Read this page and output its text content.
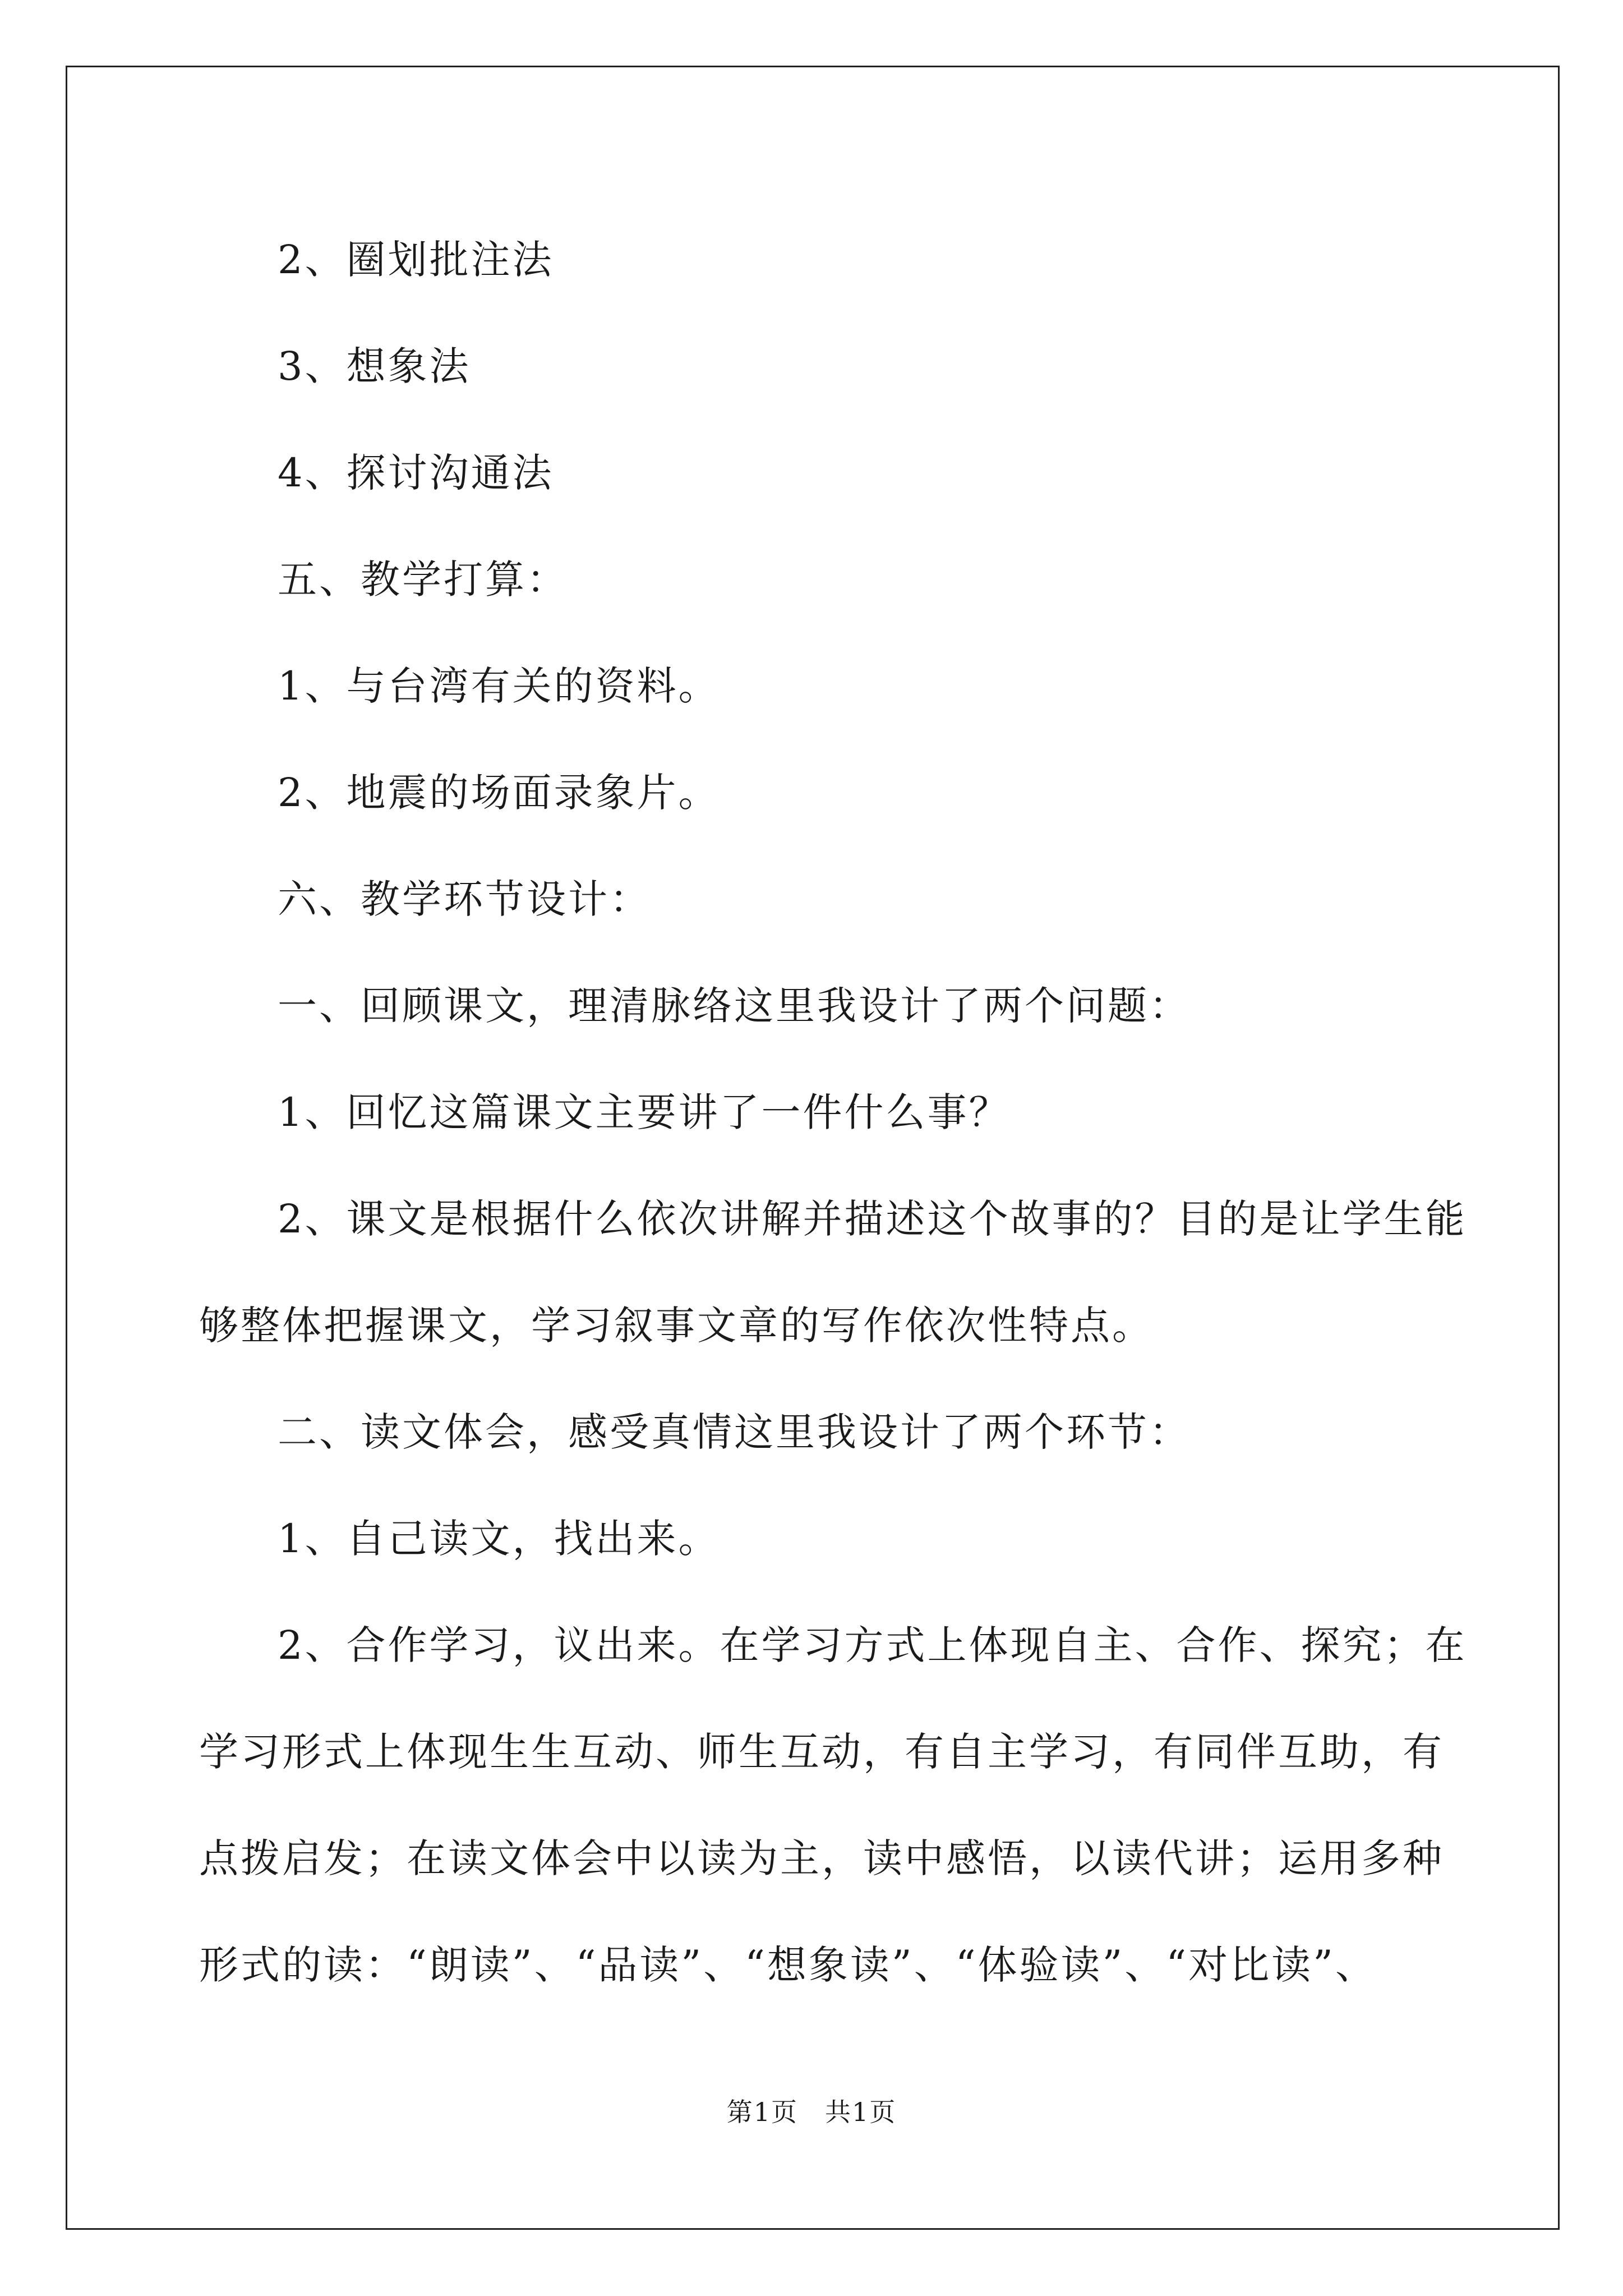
2、圈划批注法
3、想象法
4、探讨沟通法
五、教学打算：
1、与台湾有关的资料。
2、地震的场面录象片。
六、教学环节设计：
一、回顾课文，理清脉络这里我设计了两个问题：
1、回忆这篇课文主要讲了一件什么事？
2、课文是根据什么依次讲解并描述这个故事的？目的是让学生能
够整体把握课文，学习叙事文章的写作依次性特点。
二、读文体会，感受真情这里我设计了两个环节：
1、自己读文，找出来。
2、合作学习，议出来。在学习方式上体现自主、合作、探究；在
学习形式上体现生生互动、师生互动，有自主学习，有同伴互助，有
点拨启发；在读文体会中以读为主，读中感悟，以读代讲；运用多种
形式的读：“朗读”、“品读”、“想象读”、“体验读”、“对比读”、
第1页　共1页
